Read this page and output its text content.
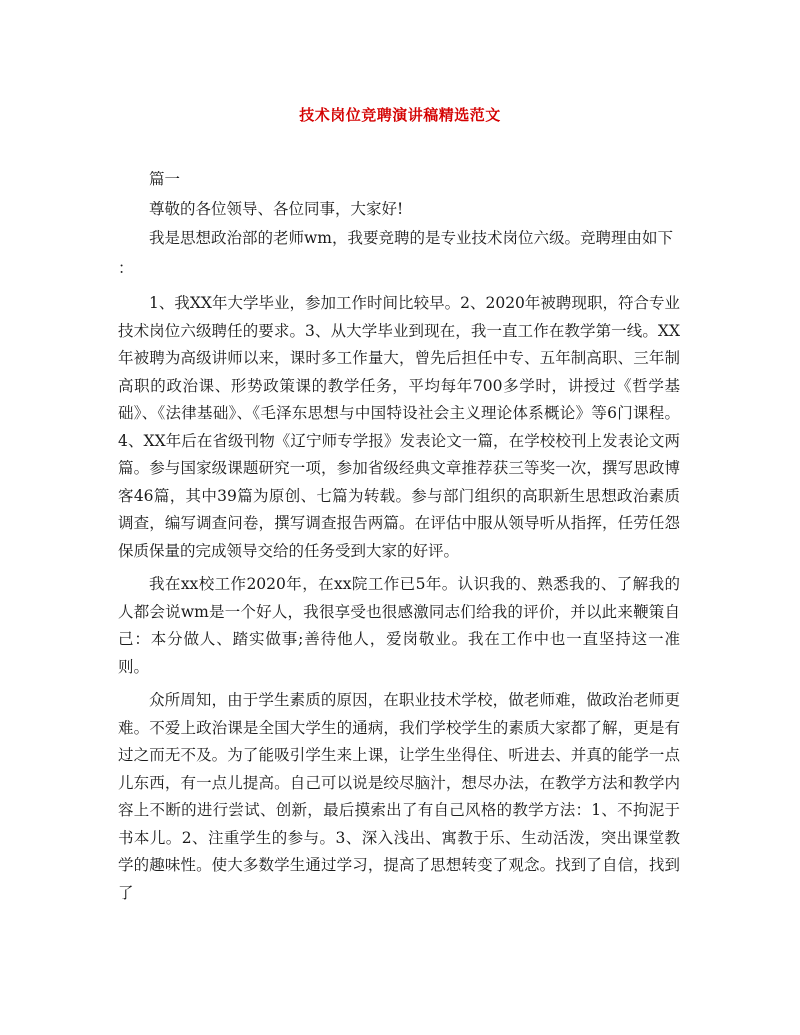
技术岗位竞聘演讲稿精选范文

篇一

尊敬的各位领导、各位同事，大家好!

我是思想政治部的老师wm，我要竞聘的是专业技术岗位六级。竞聘理由如下

：

1、我XX年大学毕业，参加工作时间比较早。2、2020年被聘现职，符合专业技术岗位六级聘任的要求。3、从大学毕业到现在，我一直工作在教学第一线。XX年被聘为高级讲师以来，课时多工作量大，曾先后担任中专、五年制高职、三年制高职的政治课、形势政策课的教学任务，平均每年700多学时，讲授过《哲学基础》、《法律基础》、《毛泽东思想与中国特设社会主义理论体系概论》等6门课程。4、XX年后在省级刊物《辽宁师专学报》发表论文一篇，在学校校刊上发表论文两篇。参与国家级课题研究一项，参加省级经典文章推荐获三等奖一次，撰写思政博客46篇，其中39篇为原创、七篇为转载。参与部门组织的高职新生思想政治素质调查，编写调查问卷，撰写调查报告两篇。在评估中服从领导听从指挥，任劳任怨保质保量的完成领导交给的任务受到大家的好评。

我在xx校工作2020年，在xx院工作已5年。认识我的、熟悉我的、了解我的人都会说wm是一个好人，我很享受也很感激同志们给我的评价，并以此来鞭策自己：本分做人、踏实做事;善待他人，爱岗敬业。我在工作中也一直坚持这一准则。

众所周知，由于学生素质的原因，在职业技术学校，做老师难，做政治老师更难。不爱上政治课是全国大学生的通病，我们学校学生的素质大家都了解，更是有过之而无不及。为了能吸引学生来上课，让学生坐得住、听进去、并真的能学一点儿东西，有一点儿提高。自己可以说是绞尽脑汁，想尽办法，在教学方法和教学内容上不断的进行尝试、创新，最后摸索出了有自己风格的教学方法：1、不拘泥于书本儿。2、注重学生的参与。3、深入浅出、寓教于乐、生动活泼，突出课堂教学的趣味性。使大多数学生通过学习，提高了思想转变了观念。找到了自信，找到了
